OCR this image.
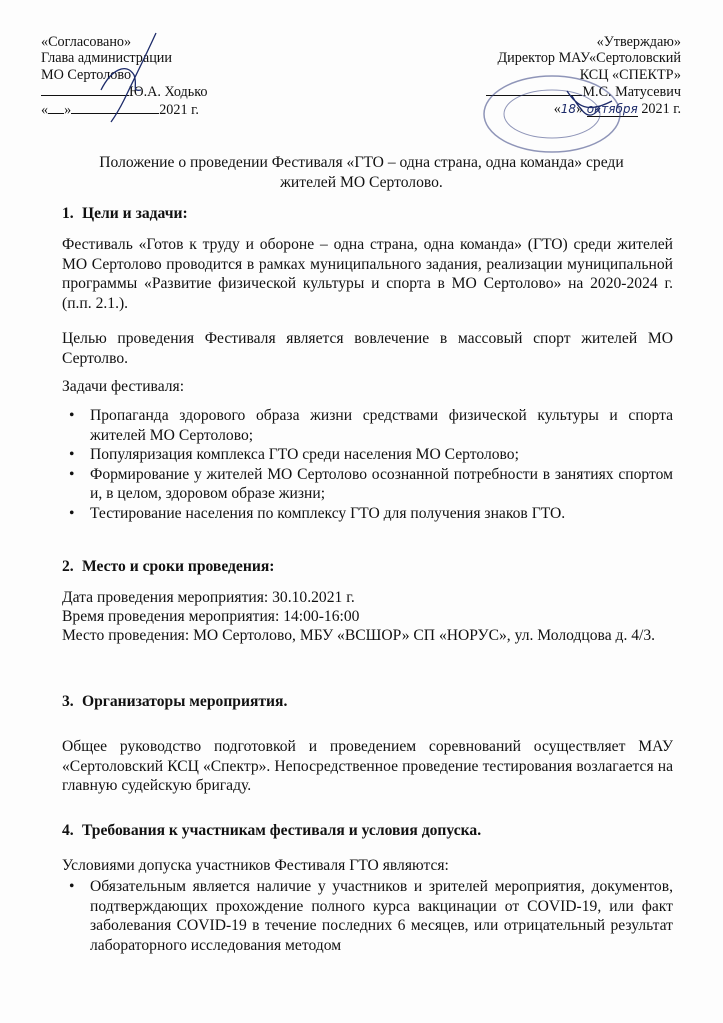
«Согласовано»
Глава администрации
МО Сертолово
Ю.А. Ходько
« »	2021 г.
«Утверждаю»
Директор МАУ«Сертоловский
КСЦ «СПЕКТР»
М.С. Матусевич
«18» октября 2021 г.
Положение о проведении Фестиваля «ГТО – одна страна, одна команда» среди
жителей МО Сертолово.
1. Цели и задачи:
Фестиваль «Готов к труду и обороне – одна страна, одна команда» (ГТО) среди жителей МО Сертолово проводится в рамках муниципального задания, реализации муниципальной программы «Развитие физической культуры и спорта в МО Сертолово» на 2020-2024 г. (п.п. 2.1.).
Целью проведения Фестиваля является вовлечение в массовый спорт жителей МО Сертолво.
Задачи фестиваля:
• Пропаганда здорового образа жизни средствами физической культуры и спорта жителей МО Сертолово;
• Популяризация комплекса ГТО среди населения МО Сертолово;
• Формирование у жителей МО Сертолово осознанной потребности в занятиях спортом и, в целом, здоровом образе жизни;
• Тестирование населения по комплексу ГТО для получения знаков ГТО.
2. Место и сроки проведения:
Дата проведения мероприятия: 30.10.2021 г.
Время проведения мероприятия: 14:00-16:00
Место проведения: МО Сертолово, МБУ «ВСШОР» СП «НОРУС», ул. Молодцова д. 4/3.
3. Организаторы мероприятия.
Общее руководство подготовкой и проведением соревнований осуществляет МАУ «Сертоловский КСЦ «Спектр». Непосредственное проведение тестирования возлагается на главную судейскую бригаду.
4. Требования к участникам фестиваля и условия допуска.
Условиями допуска участников Фестиваля ГТО являются:
• Обязательным является наличие у участников и зрителей мероприятия, документов, подтверждающих прохождение полного курса вакцинации от COVID-19, или факт заболевания COVID-19 в течение последних 6 месяцев, или отрицательный результат лабораторного исследования методом
